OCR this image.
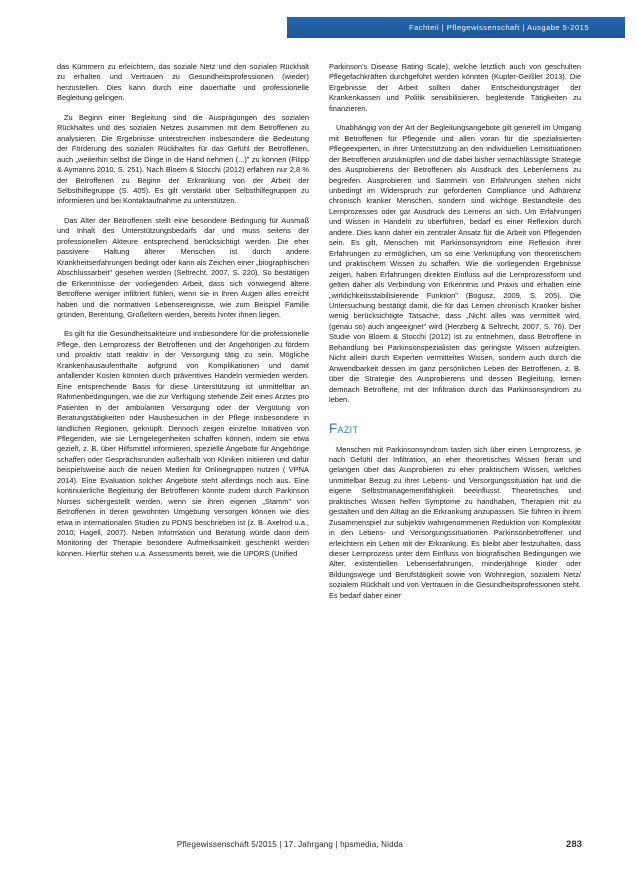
Fachteil | Pflegewissenschaft | Ausgabe 5-2015

das Kümmern zu erleichtern, das soziale Netz und den sozialen Rückhalt zu erhalten und Vertrauen zu Gesundheitsprofessionen (wieder) herzustellen. Dies kann durch eine dauerhafte und professionelle Begleitung gelingen.

Zu Beginn einer Begleitung sind die Ausprägungen des sozialen Rückhaltes und des sozialen Netzes zusammen mit dem Betroffenen zu analysieren. Die Ergebnisse unterstreichen insbesondere die Bedeutung der Förderung des sozialen Rückhaltes für das Gefühl der Betroffenen, auch „weiterhin selbst die Dinge in die Hand nehmen (...)" zu können (Filipp & Aymanns 2010, S. 251). Nach Bloem & Stocchi (2012) erfahren nur 2,8 % der Betroffenen zu Beginn der Erkrankung von der Arbeit der Selbsthilfegruppe (S. 405). Es gilt verstärkt über Selbsthilfegruppen zu informieren und bei Kontaktaufnahme zu unterstützen.

Das Alter der Betroffenen stellt eine besondere Bedingung für Ausmaß und Inhalt des Unterstützungsbedarfs dar und muss seitens der professionellen Akteure entsprechend berücksichtigt werden. Die eher passivere Haltung älterer Menschen ist durch andere Krankheitserfahrungen bedingt oder kann als Zeichen einer „biographischen Abschlussarbeit" gesehen werden (Seltrecht, 2007, S. 220). So bestätigen die Erkenntnisse der vorliegenden Arbeit, dass sich vorwiegend ältere Betroffene weniger infiltriert fühlen, wenn sie in ihren Augen alles erreicht haben und die normativen Lebensereignisse, wie zum Beispiel Familie gründen, Berentung, Großeltern werden, bereits hinter ihnen liegen.

Es gilt für die Gesundheitsakteure und insbesondere für die professionelle Pflege, den Lernprozess der Betroffenen und der Angehörigen zu fördern und proaktiv statt reaktiv in der Versorgung tätig zu sein. Mögliche Krankenhausaufenthalte aufgrund von Komplikationen und damit anfallender Kosten könnten durch präventives Handeln vermieden werden. Eine entsprechende Basis für diese Unterstützung ist unmittelbar an Rahmenbedingungen, wie die zur Verfügung stehende Zeit eines Arztes pro Patienten in der ambulanten Versorgung oder der Vergütung von Beratungstätigkeiten oder Hausbesuchen in der Pflege insbesondere in ländlichen Regionen, geknüpft. Dennoch zeigen einzelne Initiativen von Pflegenden, wie sie Lerngelegenheiten schaffen können, indem sie etwa gezielt, z. B. über Hilfsmittel informieren, spezielle Angebote für Angehörige schaffen oder Gesprächsrunden außerhalb von Kliniken initiieren und dafür beispielsweise auch die neuen Medien für Onlinegruppen nutzen ( VPNA 2014). Eine Evaluation solcher Angebote steht allerdings noch aus. Eine kontinuierliche Begleitung der Betroffenen könnte zudem durch Parkinson Nurses sichergestellt werden, wenn sie ihren eigenen „Stamm" von Betroffenen in deren gewohnten Umgebung versorgen können wie dies etwa in internationalen Studien zu PDNS beschrieben ist (z. B. Axelrod u.a., 2010; Hagell, 2007). Neben Information und Beratung würde dann dem Monitoring der Therapie besondere Aufmerksamkeit geschenkt werden können. Hierfür stehen u.a. Assessments bereit, wie die UPDRS (Unified

Parkinson's Disease Rating Scale), welche letztlich auch von geschulten Pflegefachkräften durchgeführt werden könnten (Kupfer-Geißler 2013). Die Ergebnisse der Arbeit sollten daher Entscheidungsträger der Krankenkassen und Politik sensibilisieren, begleitende Tätigkeiten zu finanzieren.

Unabhängig von der Art der Begleitungsangebote gilt generell im Umgang mit Betroffenen für Pflegende und allen voran für die spezialisierten Pflegeexperten, in ihrer Unterstützung an den individuellen Lernsituationen der Betroffenen anzuknüpfen und die dabei bisher vernachlässigte Strategie des Ausprobierens der Betroffenen als Ausdruck des Lebenlernens zu begreifen. Ausprobieren und Sammeln von Erfahrungen stehen nicht unbedingt im Widerspruch zur geforderten Compliance und Adhärenz chronisch kranker Menschen, sondern sind wichtige Bestandteile des Lernprozesses oder gar Ausdruck des Lernens an sich. Um Erfahrungen und Wissen in Handeln zu überführen, bedarf es einer Reflexion durch andere. Dies kann daher ein zentraler Ansatz für die Arbeit von Pflegenden sein. Es gilt, Menschen mit Parkinsonsyndrom eine Reflexion ihrer Erfahrungen zu ermöglichen, um so eine Verknüpfung von theoretischem und praktischem Wissen zu schaffen. Wie die vorliegenden Ergebnisse zeigen, haben Erfahrungen direkten Einfluss auf die Lernprozessform und gelten daher als Verbindung von Erkenntnis und Praxis und erhalten eine „wirklichkeitsstabilisierende Funktion" (Bogusz, 2009, S. 205). Die Untersuchung bestätigt damit, die für das Lernen chronisch Kranker bisher wenig berücksichtigte Tatsache, dass „Nicht alles was vermittelt wird, (genau so) auch angeeignet" wird (Herzberg & Seltrecht, 2007, S. 76). Der Studie von Bloem & Stocchi (2012) ist zu entnehmen, dass Betroffene in Behandlung bei Parkinsonspezialisten das geringste Wissen aufzeigten. Nicht allein durch Experten vermitteltes Wissen, sondern auch durch die Anwendbarkeit dessen im ganz persönlichen Leben der Betroffenen, z. B. über die Strategie des Ausprobierens und dessen Begleitung, lernen demnach Betroffene, mit der Infiltration durch das Parkinsonsyndrom zu leben.

Fazit

Menschen mit Parkinsonsyndrom tasten sich über einen Lernprozess, je nach Gefühl der Infiltration, an eher theoretisches Wissen heran und gelangen über das Ausprobieren zu eher praktischem Wissen, welches unmittelbar Bezug zu ihrer Lebens- und Versorgungssituation hat und die eigene Selbstmanagementfähigkeit beeinflusst. Theoretisches und praktisches Wissen helfen Symptome zu handhaben, Therapien mit zu gestalten und den Alltag an die Erkrankung anzupassen. Sie führen in ihrem Zusammenspiel zur subjektiv wahrgenommenen Reduktion von Komplexität in den Lebens- und Versorgungssituationen Parkinsonbetroffener und erleichtern ein Leben mit der Erkrankung. Es bleibt aber festzuhalten, dass dieser Lernprozess unter dem Einfluss von biografischen Bedingungen wie Alter, existentiellen Lebenserfahrungen, minderjährige Kinder oder Bildungswege und Berufstätigkeit sowie von Wohnregion, sozialem Netz/ sozialem Rückhalt und von Vertrauen in die Gesundheitsprofessionen steht. Es bedarf daher einer

Pflegewissenschaft 5/2015 | 17. Jahrgang | hpsmedia, Nidda	283
